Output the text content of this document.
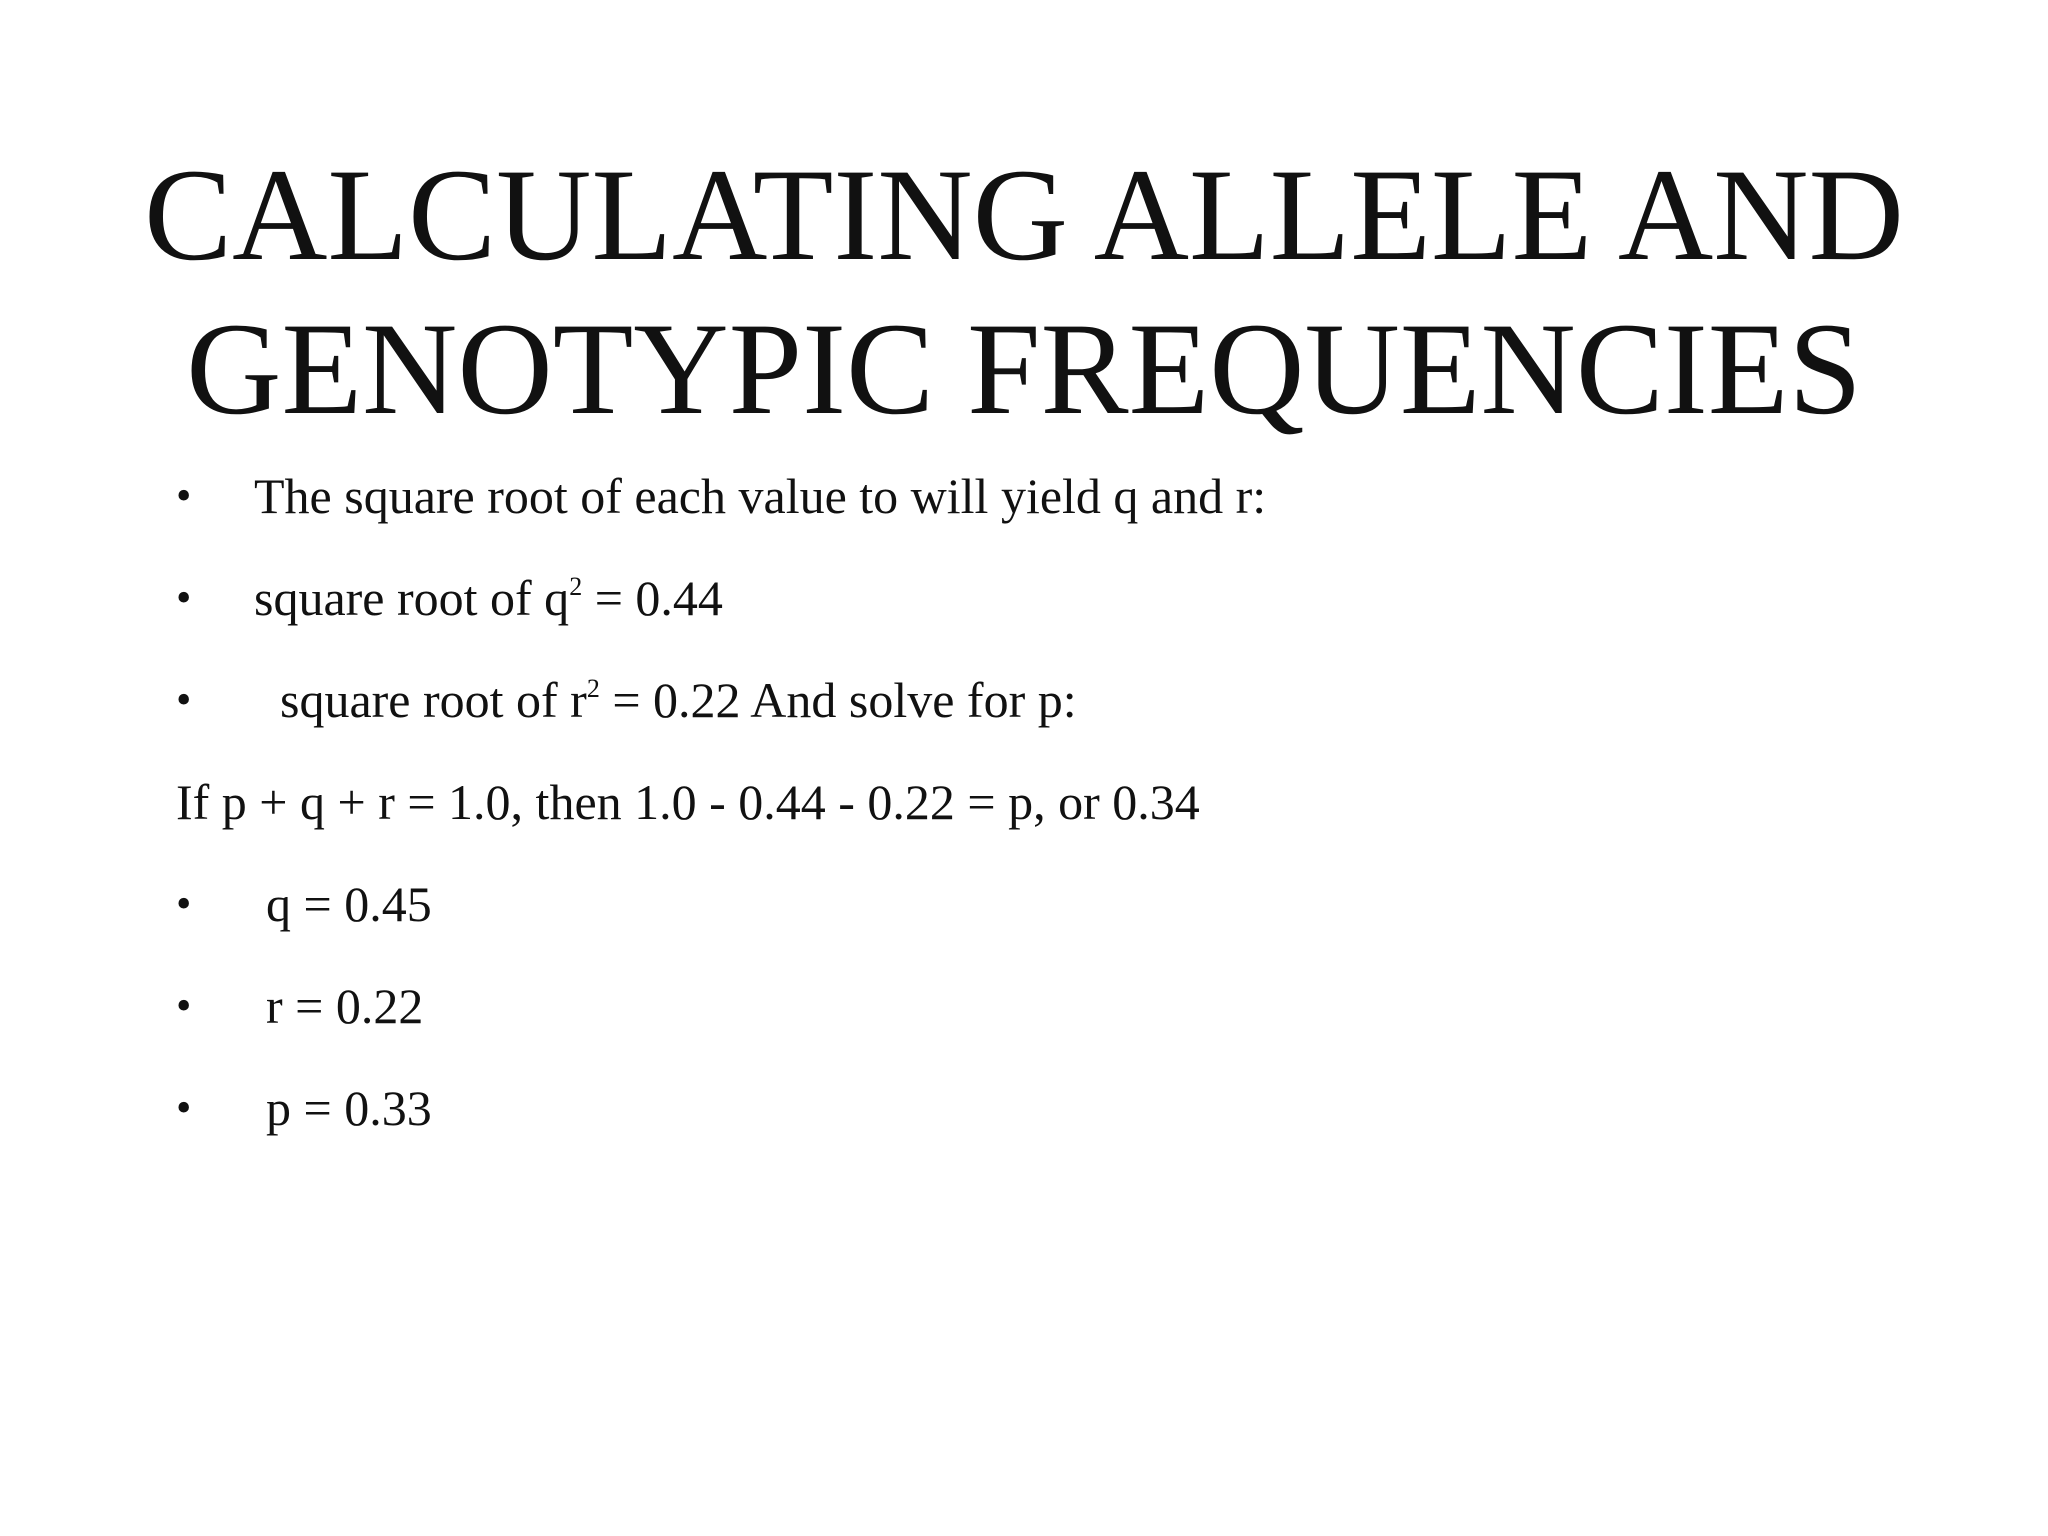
CALCULATING ALLELE AND
GENOTYPIC FREQUENCIES
• The square root of each value to will yield q and r:
• square root of $q^2 = 0.44$
• square root of $r^2 = 0.22$ And solve for p:
If p + q + r = 1.0, then 1.0 - 0.44 - 0.22 = p, or 0.34
• q = 0.45
• r = 0.22
• p = 0.33
